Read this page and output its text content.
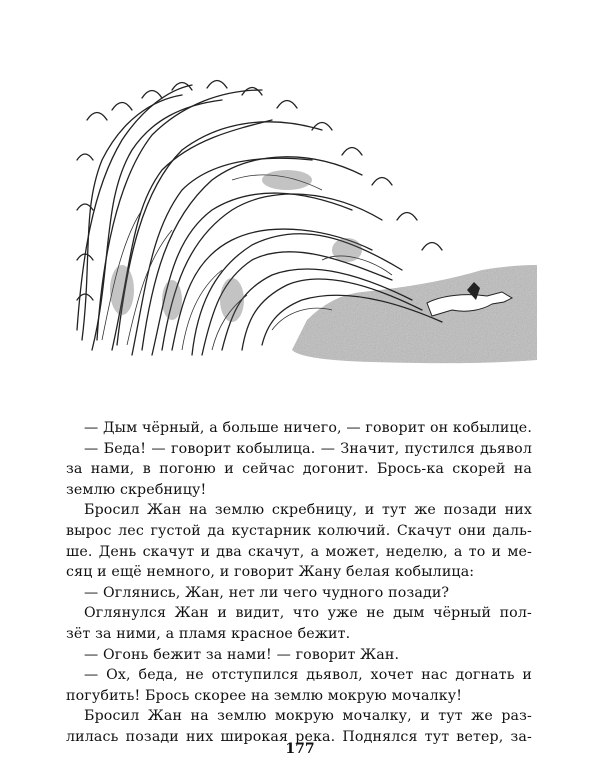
— Дым чёрный, а больше ничего, — говорит он кобылице.
— Беда! — говорит кобылица. — Значит, пустился дьявол
за нами, в погоню и сейчас догонит. Брось-ка скорей на
землю скребницу!
Бросил Жан на землю скребницу, и тут же позади них
вырос лес густой да кустарник колючий. Скачут они даль-
ше. День скачут и два скачут, а может, неделю, а то и ме-
сяц и ещё немного, и говорит Жану белая кобылица:
— Оглянись, Жан, нет ли чего чудного позади?
Оглянулся Жан и видит, что уже не дым чёрный пол-
зёт за ними, а пламя красное бежит.
— Огонь бежит за нами! — говорит Жан.
— Ох, беда, не отступился дьявол, хочет нас догнать и
погубить! Брось скорее на землю мокрую мочалку!
Бросил Жан на землю мокрую мочалку, и тут же раз-
лилась позади них широкая река. Поднялся тут ветер, за-
177
